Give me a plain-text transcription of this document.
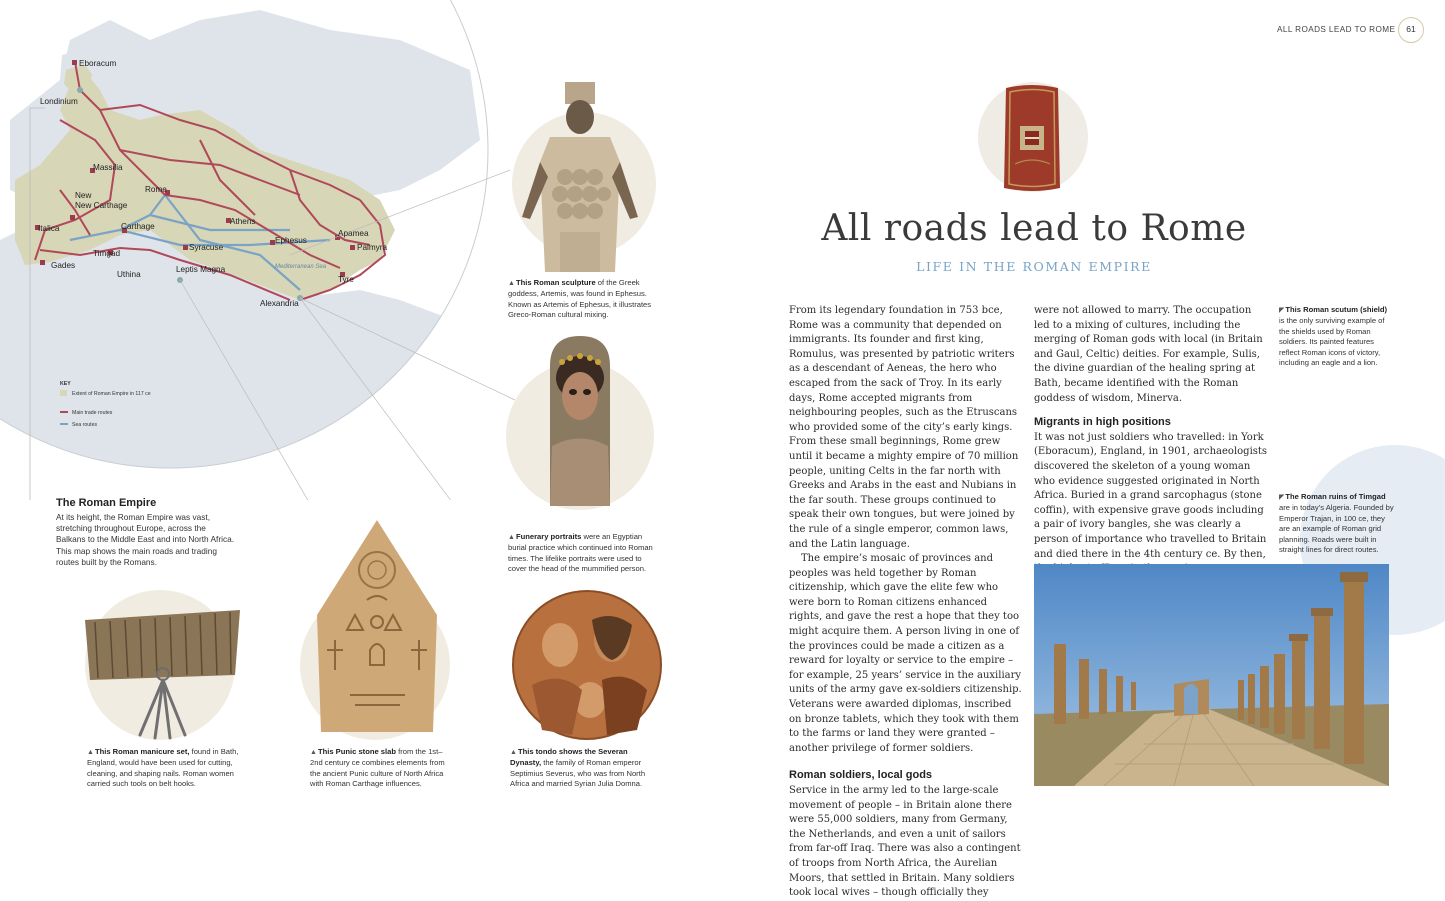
Eboracum
Londinium
Massilia
Rome
New
New Carthage
Italica	Carthage
Gades
Timgad
Uthina
Athens
Ephesus
Apamea
Palmyra
Syracuse
Leptis Magna
Tyre
Alexandria
Mediterranean Sea
KEY
Extent of Roman Empire in 117 ce
Main trade routes
Sea routes
The Roman Empire
At its height, the Roman Empire was vast, stretching throughout Europe, across the Balkans to the Middle East and into North Africa. This map shows the main roads and trading routes built by the Romans.
▲This Roman sculpture of the Greek goddess, Artemis, was found in Ephesus. Known as Artemis of Ephesus, it illustrates Greco-Roman cultural mixing.
▲Funerary portraits were an Egyptian burial practice which continued into Roman times. The lifelike portraits were used to cover the head of the mummified person.
▲This Roman manicure set, found in Bath, England, would have been used for cutting, cleaning, and shaping nails. Roman women carried such tools on belt hooks.
▲This Punic stone slab from the 1st–2nd century ce combines elements from the ancient Punic culture of North Africa with Roman Carthage influences.
▲This tondo shows the Severan Dynasty, the family of Roman emperor Septimius Severus, who was from North Africa and married Syrian Julia Domna.
ALL ROADS LEAD TO ROME	61
All roads lead to Rome
LIFE IN THE ROMAN EMPIRE

From its legendary foundation in 753 bce, Rome was a community that depended on immigrants. Its founder and first king, Romulus, was presented by patriotic writers as a descendant of Aeneas, the hero who escaped from the sack of Troy. In its early days, Rome accepted migrants from neighbouring peoples, such as the Etruscans who provided some of the city’s early kings. From these small beginnings, Rome grew until it became a mighty empire of 70 million people, uniting Celts in the far north with Greeks and Arabs in the east and Nubians in the far south. These groups continued to speak their own tongues, but were joined by the rule of a single emperor, common laws, and the Latin language.

The empire’s mosaic of provinces and peoples was held together by Roman citizenship, which gave the elite few who were born to Roman citizens enhanced rights, and gave the rest a hope that they too might acquire them. A person living in one of the provinces could be made a citizen as a reward for loyalty or service to the empire – for example, 25 years’ service in the auxiliary units of the army gave ex-soldiers citizenship. Veterans were awarded diplomas, inscribed on bronze tablets, which they took with them to the farms or land they were granted – another privilege of former soldiers.

Roman soldiers, local gods

Service in the army led to the large-scale movement of people – in Britain alone there were 55,000 soldiers, many from Germany, the Netherlands, and even a unit of sailors from far-off Iraq. There was also a contingent of troops from North Africa, the Aurelian Moors, that settled in Britain. Many soldiers took local wives – though officially they

were not allowed to marry. The occupation led to a mixing of cultures, including the merging of Roman gods with local (in Britain and Gaul, Celtic) deities. For example, Sulis, the divine guardian of the healing spring at Bath, became identified with the Roman goddess of wisdom, Minerva.

Migrants in high positions

It was not just soldiers who travelled: in York (Eboracum), England, in 1901, archaeologists discovered the skeleton of a young woman who evidence suggested originated in North Africa. Buried in a grand sarcophagus (stone coffin), with expensive grave goods including a pair of ivory bangles, she was clearly a person of importance who travelled to Britain and died there in the 4th century ce. By then,

◤This Roman scutum (shield) is the only surviving example of the shields used by Roman soldiers. Its painted features reflect Roman icons of victory, including an eagle and a lion.
◤The Roman ruins of Timgad are in today’s Algeria. Founded by Emperor Trajan, in 100 ce, they are an example of Roman grid planning. Roads were built in straight lines for direct routes.
